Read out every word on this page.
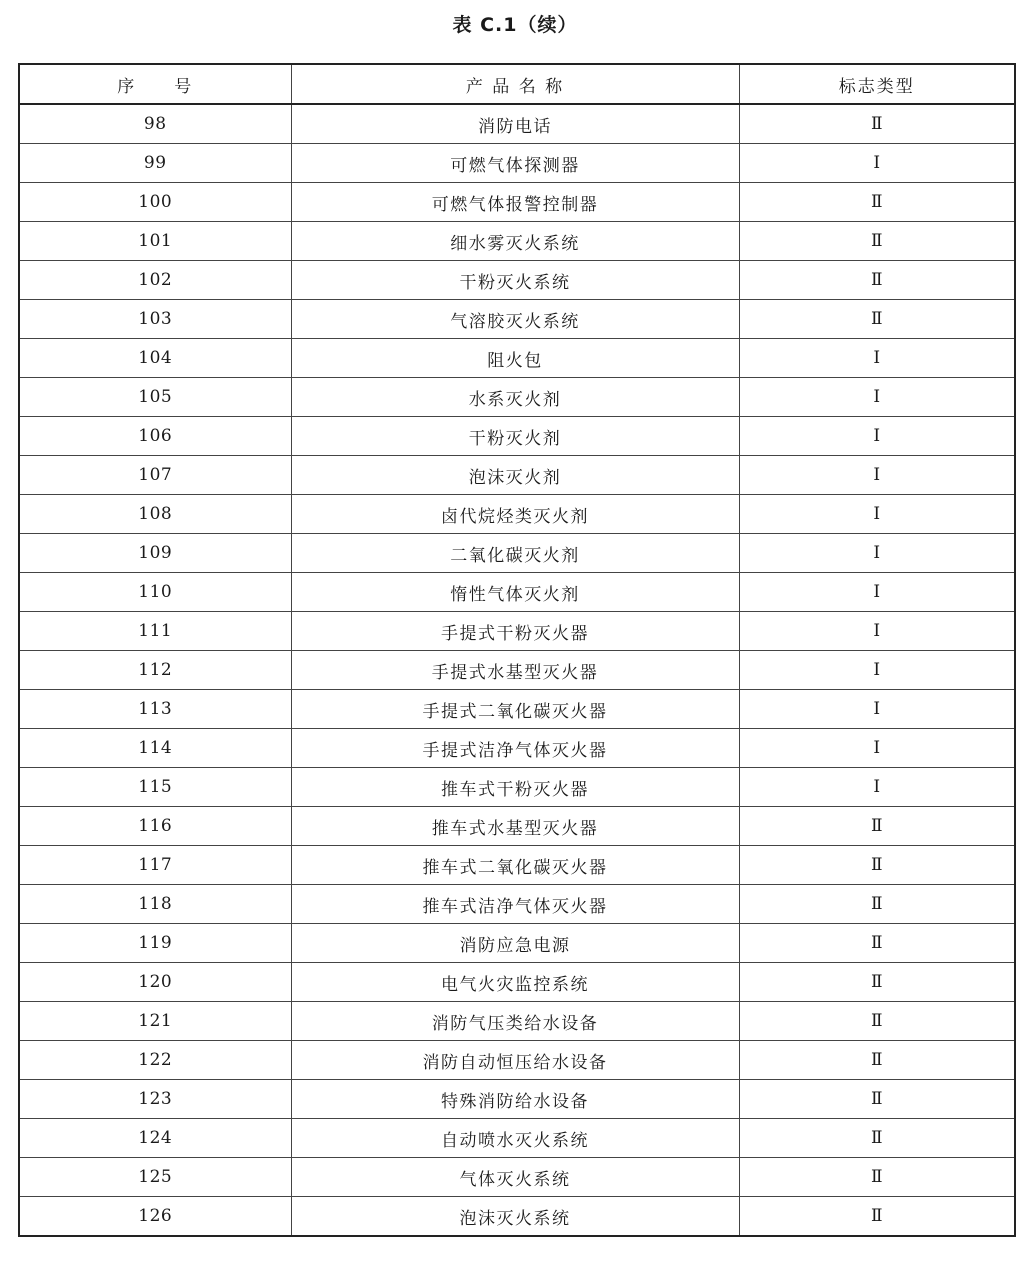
表 C.1（续）
序　　号	产 品 名 称	标志类型
98	消防电话	Ⅱ
99	可燃气体探测器	Ⅰ
100	可燃气体报警控制器	Ⅱ
101	细水雾灭火系统	Ⅱ
102	干粉灭火系统	Ⅱ
103	气溶胶灭火系统	Ⅱ
104	阻火包	Ⅰ
105	水系灭火剂	Ⅰ
106	干粉灭火剂	Ⅰ
107	泡沫灭火剂	Ⅰ
108	卤代烷烃类灭火剂	Ⅰ
109	二氧化碳灭火剂	Ⅰ
110	惰性气体灭火剂	Ⅰ
111	手提式干粉灭火器	Ⅰ
112	手提式水基型灭火器	Ⅰ
113	手提式二氧化碳灭火器	Ⅰ
114	手提式洁净气体灭火器	Ⅰ
115	推车式干粉灭火器	Ⅰ
116	推车式水基型灭火器	Ⅱ
117	推车式二氧化碳灭火器	Ⅱ
118	推车式洁净气体灭火器	Ⅱ
119	消防应急电源	Ⅱ
120	电气火灾监控系统	Ⅱ
121	消防气压类给水设备	Ⅱ
122	消防自动恒压给水设备	Ⅱ
123	特殊消防给水设备	Ⅱ
124	自动喷水灭火系统	Ⅱ
125	气体灭火系统	Ⅱ
126	泡沫灭火系统	Ⅱ
